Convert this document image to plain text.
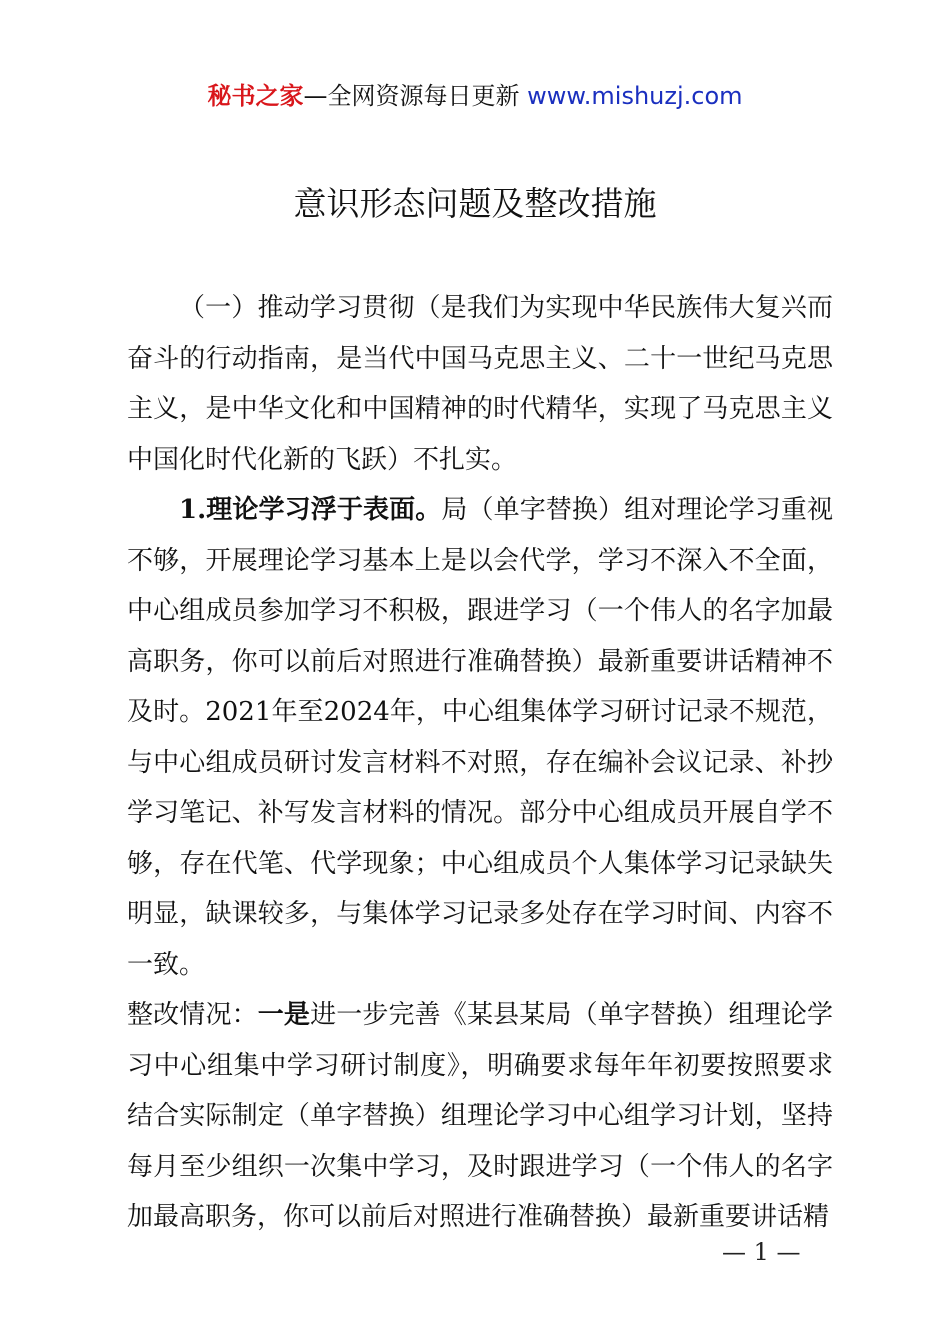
秘书之家—全网资源每日更新 www.mishuzj.com
意识形态问题及整改措施

（一）推动学习贯彻（是我们为实现中华民族伟大复兴而奋斗的行动指南，是当代中国马克思主义、二十一世纪马克思主义，是中华文化和中国精神的时代精华，实现了马克思主义中国化时代化新的飞跃）不扎实。

1.理论学习浮于表面。局（单字替换）组对理论学习重视不够，开展理论学习基本上是以会代学，学习不深入不全面，中心组成员参加学习不积极，跟进学习（一个伟人的名字加最高职务，你可以前后对照进行准确替换）最新重要讲话精神不及时。2021年至2024年，中心组集体学习研讨记录不规范，与中心组成员研讨发言材料不对照，存在编补会议记录、补抄学习笔记、补写发言材料的情况。部分中心组成员开展自学不够，存在代笔、代学现象；中心组成员个人集体学习记录缺失明显，缺课较多，与集体学习记录多处存在学习时间、内容不一致。

整改情况：一是进一步完善《某县某局（单字替换）组理论学习中心组集中学习研讨制度》，明确要求每年年初要按照要求结合实际制定（单字替换）组理论学习中心组学习计划，坚持每月至少组织一次集中学习，及时跟进学习（一个伟人的名字加最高职务，你可以前后对照进行准确替换）最新重要讲话精
— 1 —
